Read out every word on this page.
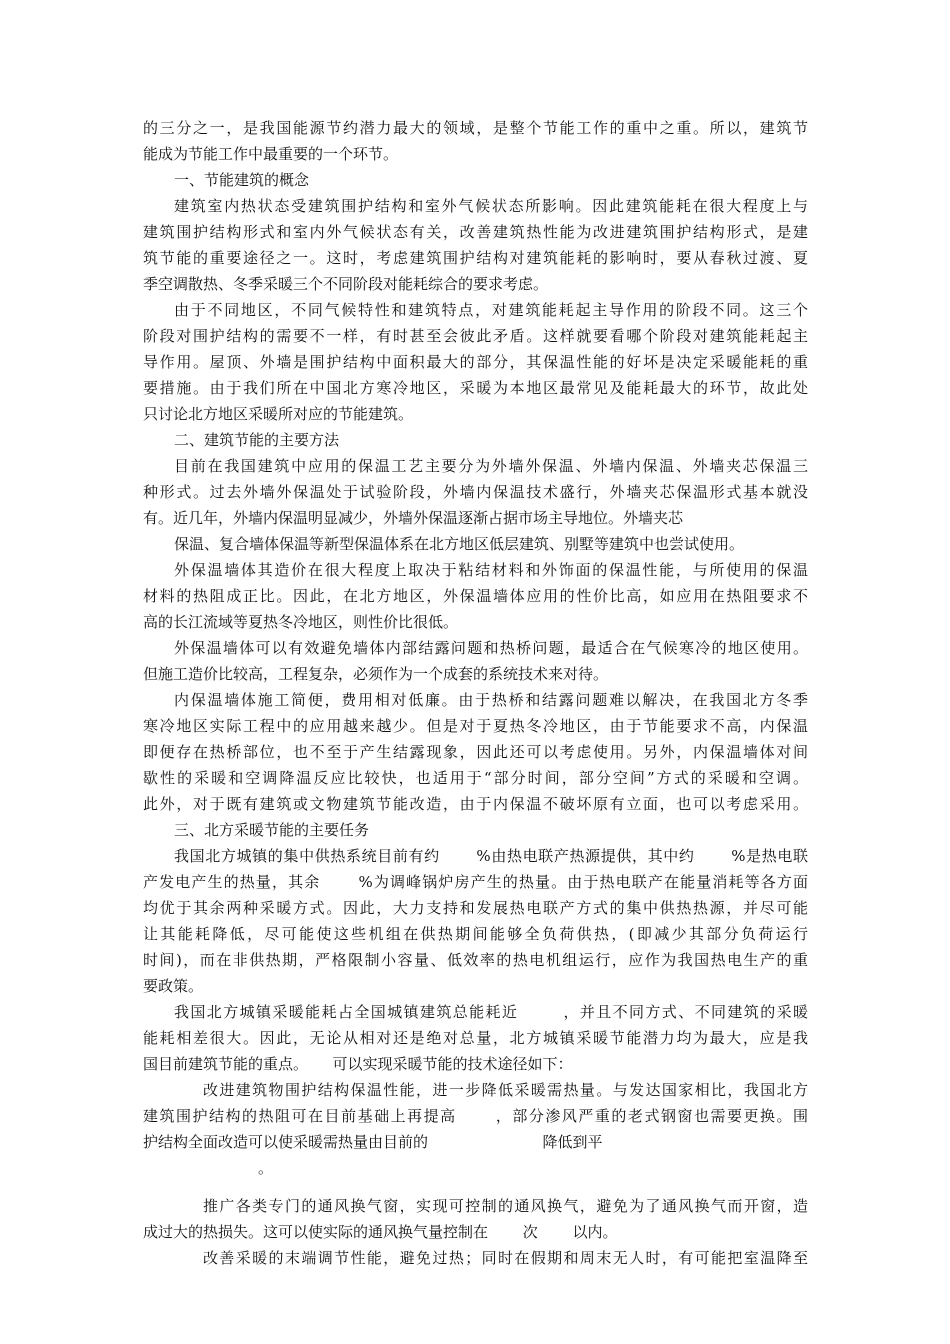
的三分之一，是我国能源节约潜力最大的领域，是整个节能工作的重中之重。所以，建筑节
能成为节能工作中最重要的一个环节。
一、节能建筑的概念
建筑室内热状态受建筑围护结构和室外气候状态所影响。因此建筑能耗在很大程度上与
建筑围护结构形式和室内外气候状态有关，改善建筑热性能为改进建筑围护结构形式，是建
筑节能的重要途径之一。这时，考虑建筑围护结构对建筑能耗的影响时，要从春秋过渡、夏
季空调散热、冬季采暖三个不同阶段对能耗综合的要求考虑。
由于不同地区，不同气候特性和建筑特点，对建筑能耗起主导作用的阶段不同。这三个
阶段对围护结构的需要不一样，有时甚至会彼此矛盾。这样就要看哪个阶段对建筑能耗起主
导作用。屋顶、外墙是围护结构中面积最大的部分，其保温性能的好坏是决定采暖能耗的重
要措施。由于我们所在中国北方寒冷地区，采暖为本地区最常见及能耗最大的环节，故此处
只讨论北方地区采暖所对应的节能建筑。
二、建筑节能的主要方法
目前在我国建筑中应用的保温工艺主要分为外墙外保温、外墙内保温、外墙夹芯保温三
种形式。过去外墙外保温处于试验阶段，外墙内保温技术盛行，外墙夹芯保温形式基本就没
有。近几年，外墙内保温明显减少，外墙外保温逐渐占据市场主导地位。外墙夹芯
保温、复合墙体保温等新型保温体系在北方地区低层建筑、别墅等建筑中也尝试使用。
外保温墙体其造价在很大程度上取决于粘结材料和外饰面的保温性能，与所使用的保温
材料的热阻成正比。因此，在北方地区，外保温墙体应用的性价比高，如应用在热阻要求不
高的长江流域等夏热冬冷地区，则性价比很低。
外保温墙体可以有效避免墙体内部结露问题和热桥问题，最适合在气候寒冷的地区使用。
但施工造价比较高，工程复杂，必须作为一个成套的系统技术来对待。
内保温墙体施工简便，费用相对低廉。由于热桥和结露问题难以解决，在我国北方冬季
寒冷地区实际工程中的应用越来越少。但是对于夏热冬冷地区，由于节能要求不高，内保温
即便存在热桥部位，也不至于产生结露现象，因此还可以考虑使用。另外，内保温墙体对间
歇性的采暖和空调降温反应比较快，也适用于“部分时间，部分空间”方式的采暖和空调。
此外，对于既有建筑或文物建筑节能改造，由于内保温不破坏原有立面，也可以考虑采用。
三、北方采暖节能的主要任务
我国北方城镇的集中供热系统目前有约 　　%由热电联产热源提供，其中约 　　%是热电联
产发电产生的热量，其余 　　%为调峰锅炉房产生的热量。由于热电联产在能量消耗等各方面
均优于其余两种采暖方式。因此，大力支持和发展热电联产方式的集中供热热源，并尽可能
让其能耗降低，尽可能使这些机组在供热期间能够全负荷供热，(即减少其部分负荷运行
时间)，而在非供热期，严格限制小容量、低效率的热电机组运行，应作为我国热电生产的重
要政策。
我国北方城镇采暖能耗占全国城镇建筑总能耗近 　　 ，并且不同方式、不同建筑的采暖
能耗相差很大。因此，无论从相对还是绝对总量，北方城镇采暖节能潜力均为最大，应是我
国目前建筑节能的重点。 　 可以实现采暖节能的技术途径如下：
改进建筑物围护结构保温性能，进一步降低采暖需热量。与发达国家相比，我国北方
建筑围护结构的热阻可在目前基础上再提高 　　，部分渗风严重的老式钢窗也需要更换。围
护结构全面改造可以使采暖需热量由目前的 　　　　　　　 降低到平
。
推广各类专门的通风换气窗，实现可控制的通风换气，避免为了通风换气而开窗，造
成过大的热损失。这可以使实际的通风换气量控制在 　　次 　　以内。
改善采暖的末端调节性能，避免过热；同时在假期和周末无人时，有可能把室温降至
